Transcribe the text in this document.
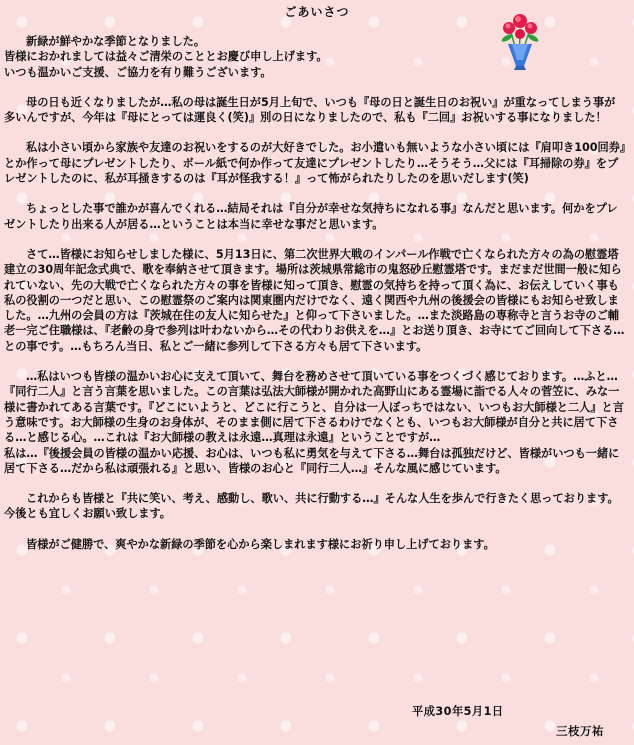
ごあいさつ

新緑が鮮やかな季節となりました。
皆様におかれましては益々ご清栄のこととお慶び申し上げます。
いつも温かいご支援、ご協力を有り難うございます。

母の日も近くなりましたが…私の母は誕生日が5月上旬で、いつも『母の日と誕生日のお祝い』が重なってしまう事が多いんですが、今年は『母にとっては運良く(笑)』別の日になりましたので、私も『二回』お祝いする事になりました！

私は小さい頃から家族や友達のお祝いをするのが大好きでした。お小遣いも無いような小さい頃には『肩叩き100回券』とか作って母にプレゼントしたり、ボール紙で何か作って友達にプレゼントしたり…そうそう…父には『耳掃除の券』をプレゼントしたのに、私が耳掻きするのは『耳が怪我する！』って怖がられたりしたのを思いだします(笑)

ちょっとした事で誰かが喜んでくれる…結局それは『自分が幸せな気持ちになれる事』なんだと思います。何かをプレゼントしたり出来る人が居る…ということは本当に幸せな事だと思います。

さて…皆様にお知らせしました様に、5月13日に、第二次世界大戦のインパール作戦で亡くなられた方々の為の慰霊塔建立の30周年記念式典で、歌を奉納させて頂きます。場所は茨城県常総市の鬼怒砂丘慰霊塔です。まだまだ世間一般に知られていない、先の大戦で亡くなられた方々の事を皆様に知って頂き、慰霊の気持ちを持って頂く為に、お伝えしていく事も私の役割の一つだと思い、この慰霊祭のご案内は関東圏内だけでなく、遠く関西や九州の後援会の皆様にもお知らせ致しました。…九州の会員の方は『茨城在住の友人に知らせた』と仰って下さいました。…また淡路島の専称寺と言うお寺のご輔老一完ご住職様は、『老齢の身で参列は叶わないから…その代わりお供えを…』とお送り頂き、お寺にてご回向して下さる…との事です。…もちろん当日、私とご一緒に参列して下さる方々も居て下さいます。

…私はいつも皆様の温かいお心に支えて頂いて、舞台を務めさせて頂いている事をつくづく感じております。…ふと…『同行二人』と言う言葉を思いました。この言葉は弘法大師様が開かれた高野山にある霊場に詣でる人々の菅笠に、みな一様に書かれてある言葉です。『どこにいようと、どこに行こうと、自分は一人ぼっちではない、いつもお大師様と二人』と言う意味です。お大師様の生身のお身体が、そのまま側に居て下さるわけでなくとも、いつもお大師様が自分と共に居て下さる…と感じる心。…これは『お大師様の教えは永遠…真理は永遠』ということですが…
私は…『後援会員の皆様の温かい応援、お心は、いつも私に勇気を与えて下さる…舞台は孤独だけど、皆様がいつも一緒に居て下さる…だから私は頑張れる』と思い、皆様のお心と『同行二人…』そんな風に感じています。

これからも皆様と『共に笑い、考え、感動し、歌い、共に行動する…』そんな人生を歩んで行きたく思っております。
今後とも宜しくお願い致します。

皆様がご健勝で、爽やかな新緑の季節を心から楽しまれます様にお祈り申し上げております。

平成30年5月1日
三枝万祐
